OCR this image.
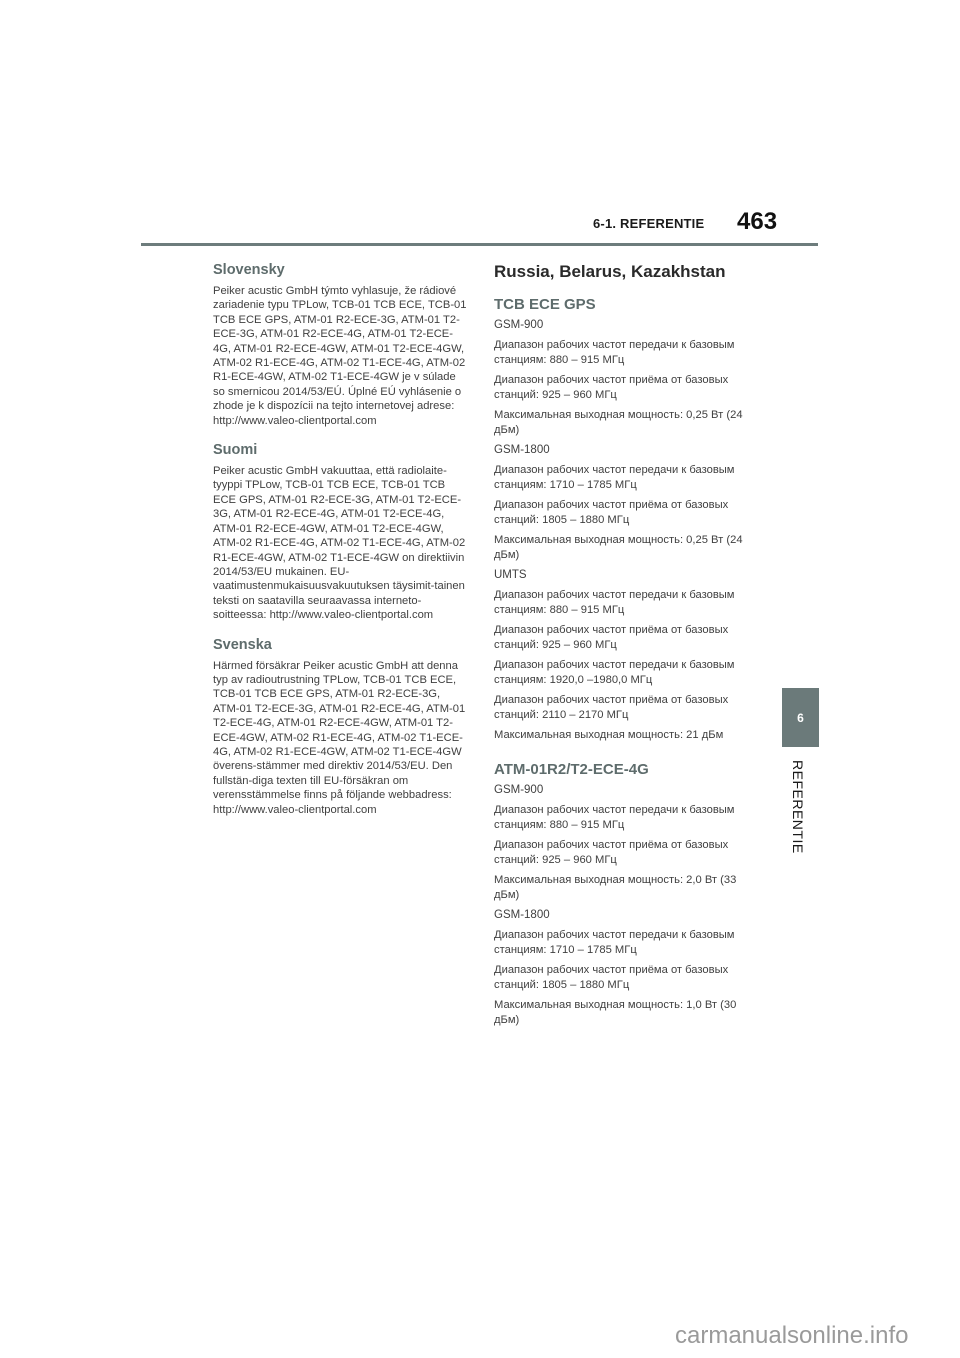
6-1. REFERENTIE 463
6
REFERENTIE
Slovensky

Peiker acustic GmbH týmto vyhlasuje, že rádiové zariadenie typu TPLow, TCB-01 TCB ECE, TCB-01 TCB ECE GPS, ATM-01 R2-ECE-3G, ATM-01 T2-ECE-3G, ATM-01 R2-ECE-4G, ATM-01 T2-ECE-4G, ATM-01 R2-ECE-4GW, ATM-01 T2-ECE-4GW, ATM-02 R1-ECE-4G, ATM-02 T1-ECE-4G, ATM-02 R1-ECE-4GW, ATM-02 T1-ECE-4GW je v súlade so smernicou 2014/53/EÚ. Úplné EÚ vyhlásenie o zhode je k dispozícii na tejto internetovej adrese: http://www.valeo-clientportal.com

Suomi

Peiker acustic GmbH vakuuttaa, että radiolaite-tyyppi TPLow, TCB-01 TCB ECE, TCB-01 TCB ECE GPS, ATM-01 R2-ECE-3G, ATM-01 T2-ECE-3G, ATM-01 R2-ECE-4G, ATM-01 T2-ECE-4G, ATM-01 R2-ECE-4GW, ATM-01 T2-ECE-4GW, ATM-02 R1-ECE-4G, ATM-02 T1-ECE-4G, ATM-02 R1-ECE-4GW, ATM-02 T1-ECE-4GW on direktiivin 2014/53/EU mukainen. EU-vaatimustenmukaisuusvakuutuksen täysimit-tainen teksti on saatavilla seuraavassa interneto-soitteessa: http://www.valeo-clientportal.com

Svenska

Härmed försäkrar Peiker acustic GmbH att denna typ av radioutrustning TPLow, TCB-01 TCB ECE, TCB-01 TCB ECE GPS, ATM-01 R2-ECE-3G, ATM-01 T2-ECE-3G, ATM-01 R2-ECE-4G, ATM-01 T2-ECE-4G, ATM-01 R2-ECE-4GW, ATM-01 T2-ECE-4GW, ATM-02 R1-ECE-4G, ATM-02 T1-ECE-4G, ATM-02 R1-ECE-4GW, ATM-02 T1-ECE-4GW överens-stämmer med direktiv 2014/53/EU. Den fullstän-diga texten till EU-försäkran om verensstämmelse finns på följande webbadress: http://www.valeo-clientportal.com

Russia, Belarus, Kazakhstan
TCB ECE GPS
GSM-900
Диапазон рабочих частот передачи к базовым станциям: 880 – 915 МГц
Диапазон рабочих частот приёма от базовых станций: 925 – 960 МГц
Максимальная выходная мощность: 0,25 Вт (24 дБм)
GSM-1800
Диапазон рабочих частот передачи к базовым станциям: 1710 – 1785 МГц
Диапазон рабочих частот приёма от базовых станций: 1805 – 1880 МГц
Максимальная выходная мощность: 0,25 Вт (24 дБм)
UMTS
Диапазон рабочих частот передачи к базовым станциям: 880 – 915 МГц
Диапазон рабочих частот приёма от базовых станций: 925 – 960 МГц
Диапазон рабочих частот передачи к базовым станциям: 1920,0 –1980,0 МГц
Диапазон рабочих частот приёма от базовых станций: 2110 – 2170 МГц
Максимальная выходная мощность: 21 дБм
ATM-01R2/T2-ECE-4G
GSM-900
Диапазон рабочих частот передачи к базовым станциям: 880 – 915 МГц
Диапазон рабочих частот приёма от базовых станций: 925 – 960 МГц
Максимальная выходная мощность: 2,0 Вт (33 дБм)
GSM-1800
Диапазон рабочих частот передачи к базовым станциям: 1710 – 1785 МГц
Диапазон рабочих частот приёма от базовых станций: 1805 – 1880 МГц
Максимальная выходная мощность: 1,0 Вт (30 дБм)
carmanualsonline.info
